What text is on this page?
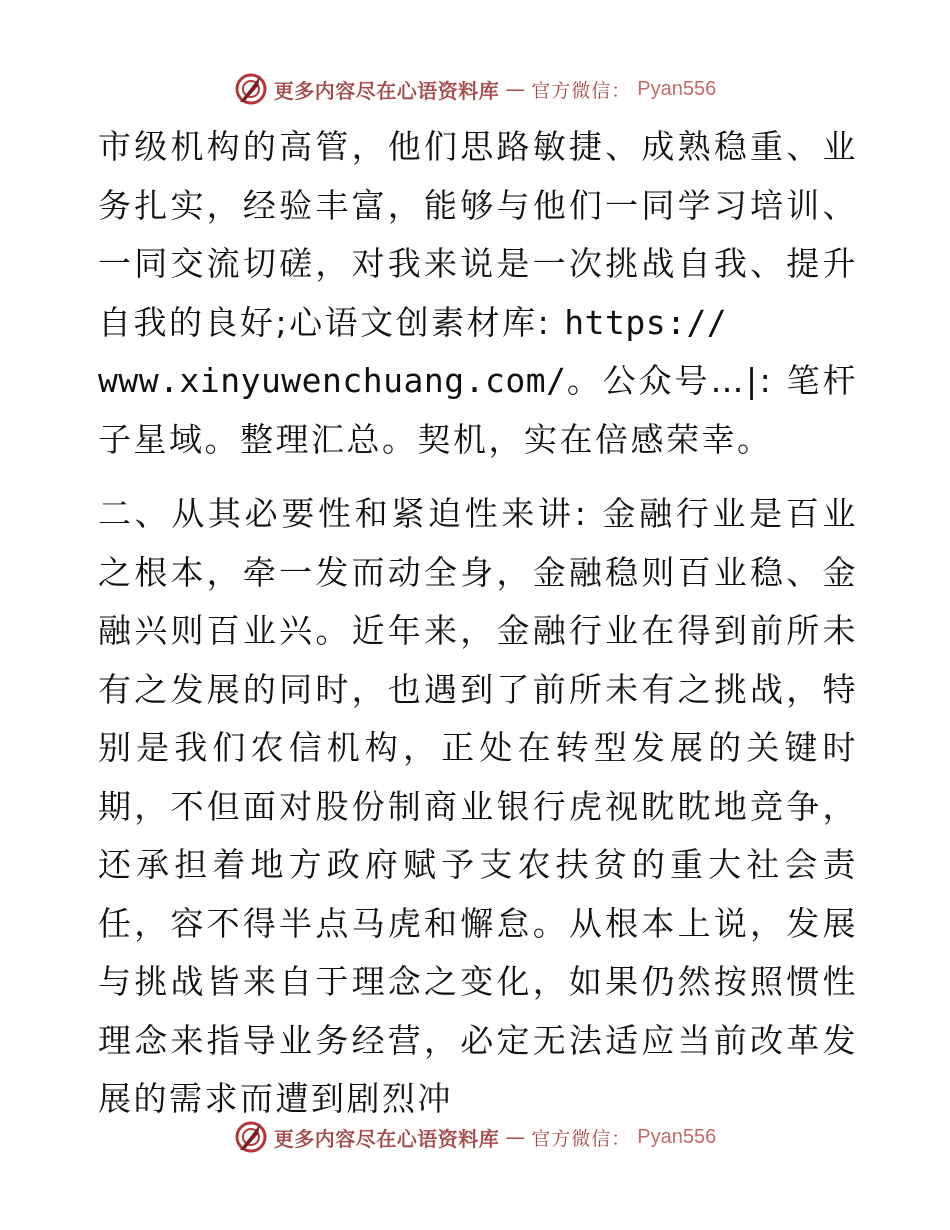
更多内容尽在心语资料库 — 官方微信： Pyan556

市级机构的高管，他们思路敏捷、成熟稳重、业务扎实，经验丰富，能够与他们一同学习培训、一同交流切磋，对我来说是一次挑战自我、提升自我的良好;心语文创素材库: https://
www.xinyuwenchuang.com/。公众号…|: 笔杆子星域。整理汇总。契机，实在倍感荣幸。

二、从其必要性和紧迫性来讲: 金融行业是百业之根本，牵一发而动全身，金融稳则百业稳、金融兴则百业兴。近年来，金融行业在得到前所未有之发展的同时，也遇到了前所未有之挑战，特别是我们农信机构，正处在转型发展的关键时期，不但面对股份制商业银行虎视眈眈地竞争，还承担着地方政府赋予支农扶贫的重大社会责任，容不得半点马虎和懈怠。从根本上说，发展与挑战皆来自于理念之变化，如果仍然按照惯性理念来指导业务经营，必定无法适应当前改革发展的需求而遭到剧烈冲

更多内容尽在心语资料库 — 官方微信： Pyan556
